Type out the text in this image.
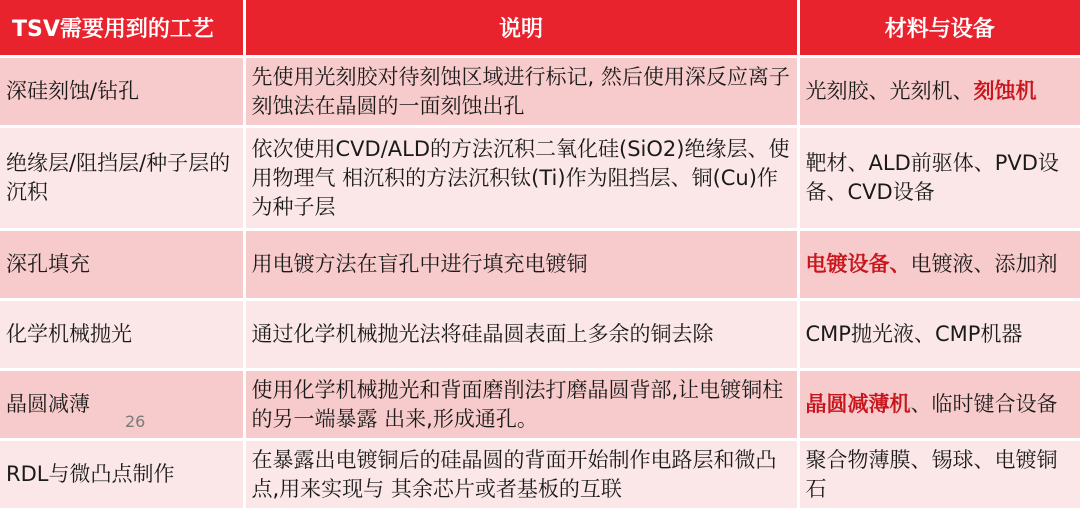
TSV需要用到的工艺	说明	材料与设备
深硅刻蚀/钻孔	先使用光刻胶对待刻蚀区域进行标记, 然后使用深反应离子刻蚀法在晶圆的一面刻蚀出孔	光刻胶、光刻机、刻蚀机
绝缘层/阻挡层/种子层的沉积	依次使用CVD/ALD的方法沉积二氧化硅(SiO2)绝缘层、使用物理气 相沉积的方法沉积钛(Ti)作为阻挡层、铜(Cu)作为种子层	靶材、ALD前驱体、PVD设备、CVD设备
深孔填充	用电镀方法在盲孔中进行填充电镀铜	电镀设备、电镀液、添加剂
化学机械抛光	通过化学机械抛光法将硅晶圆表面上多余的铜去除	CMP抛光液、CMP机器
晶圆减薄	使用化学机械抛光和背面磨削法打磨晶圆背部,让电镀铜柱的另一端暴露 出来,形成通孔。	晶圆减薄机、临时键合设备
RDL与微凸点制作	在暴露出电镀铜后的硅晶圆的背面开始制作电路层和微凸点,用来实现与 其余芯片或者基板的互联	聚合物薄膜、锡球、电镀铜石
26
